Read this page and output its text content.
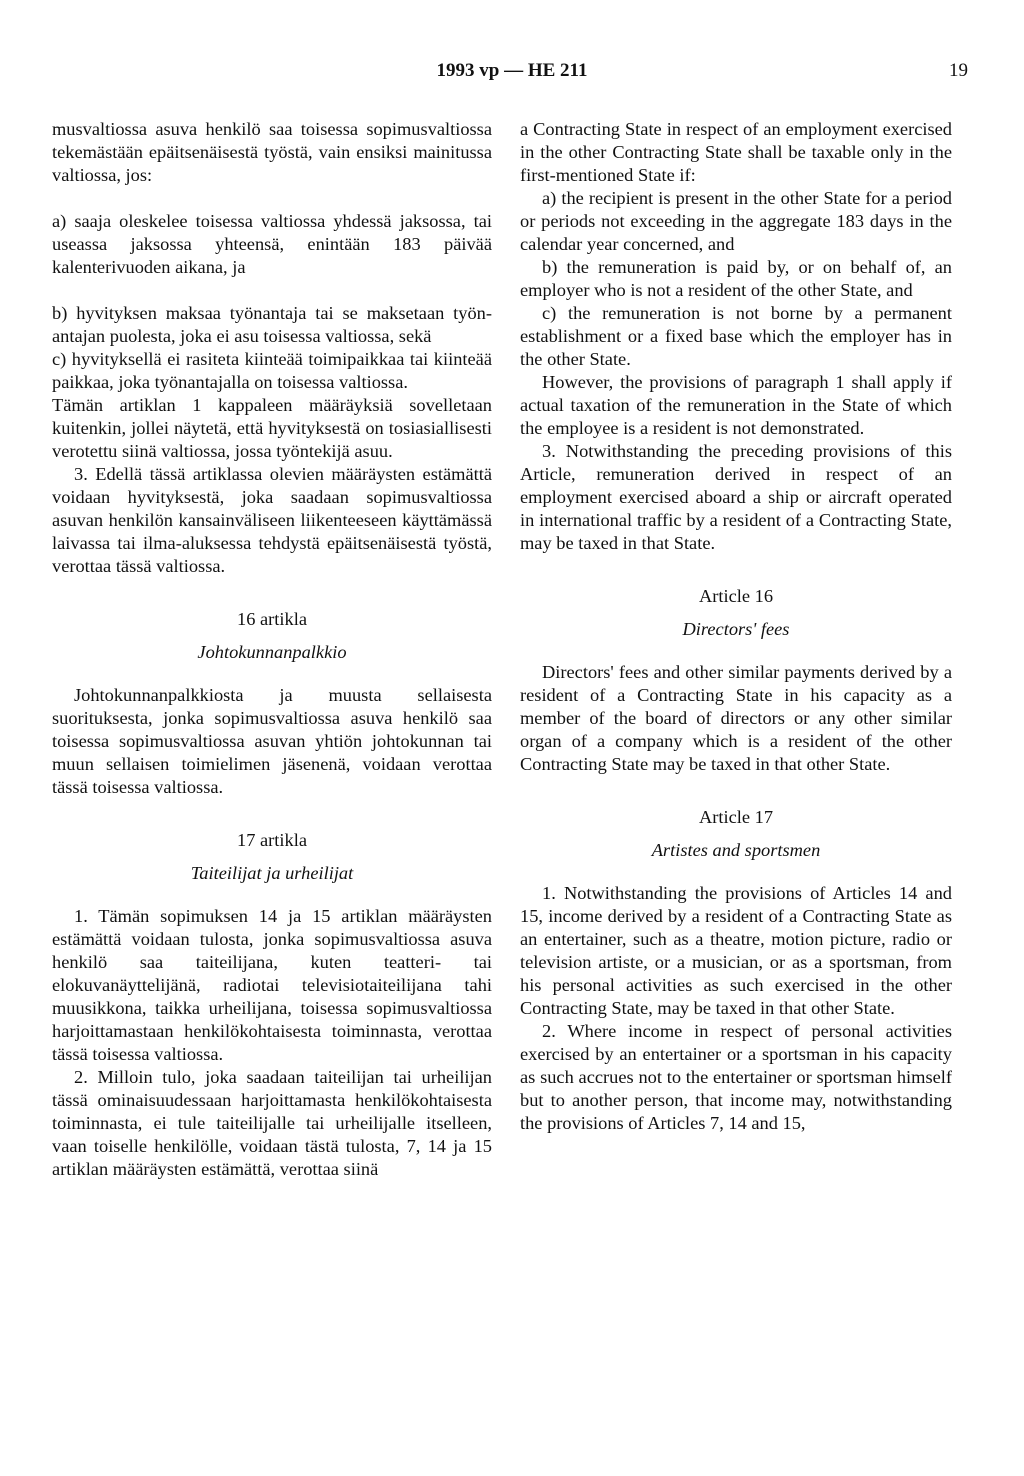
1993 vp — HE 211	19

musvaltiossa asuva henkilö saa toisessa sopimusvaltiossa tekemästään epäitsenäisestä työstä, vain ensiksi mainitussa valtiossa, jos:

a) saaja oleskelee toisessa valtiossa yhdessä jaksossa, tai useassa jaksossa yhteensä, enintään 183 päivää kalenterivuoden aikana, ja

b) hyvityksen maksaa työnantaja tai se maksetaan työn-antajan puolesta, joka ei asu toisessa valtiossa, sekä

c) hyvityksellä ei rasiteta kiinteää toimipaikkaa tai kiinteää paikkaa, joka työnantajalla on toisessa valtiossa.

Tämän artiklan 1 kappaleen määräyksiä sovelletaan kuitenkin, jollei näytetä, että hyvityksestä on tosiasiallisesti verotettu siinä valtiossa, jossa työntekijä asuu.

3. Edellä tässä artiklassa olevien määräysten estämättä voidaan hyvityksestä, joka saadaan sopimusvaltiossa asuvan henkilön kansainväliseen liikenteeseen käyttämässä laivassa tai ilma-aluksessa tehdystä epäitsenäisestä työstä, verottaa tässä valtiossa.

16 artikla

Johtokunnanpalkkio

Johtokunnanpalkkiosta ja muusta sellaisesta suorituksesta, jonka sopimusvaltiossa asuva henkilö saa toisessa sopimusvaltiossa asuvan yhtiön johtokunnan tai muun sellaisen toimielimen jäsenenä, voidaan verottaa tässä toisessa valtiossa.

17 artikla

Taiteilijat ja urheilijat

1. Tämän sopimuksen 14 ja 15 artiklan määräysten estämättä voidaan tulosta, jonka sopimusvaltiossa asuva henkilö saa taiteilijana, kuten teatteri- tai elokuvanäyttelijänä, radiotai televisiotaiteilijana tahi muusikkona, taikka urheilijana, toisessa sopimusvaltiossa harjoittamastaan henkilökohtaisesta toiminnasta, verottaa tässä toisessa valtiossa.

2. Milloin tulo, joka saadaan taiteilijan tai urheilijan tässä ominaisuudessaan harjoittamasta henkilökohtaisesta toiminnasta, ei tule taiteilijalle tai urheilijalle itselleen, vaan toiselle henkilölle, voidaan tästä tulosta, 7, 14 ja 15 artiklan määräysten estämättä, verottaa siinä

a Contracting State in respect of an employment exercised in the other Contracting State shall be taxable only in the first-mentioned State if:

a) the recipient is present in the other State for a period or periods not exceeding in the aggregate 183 days in the calendar year concerned, and

b) the remuneration is paid by, or on behalf of, an employer who is not a resident of the other State, and

c) the remuneration is not borne by a permanent establishment or a fixed base which the employer has in the other State.

However, the provisions of paragraph 1 shall apply if actual taxation of the remuneration in the State of which the employee is a resident is not demonstrated.

3. Notwithstanding the preceding provisions of this Article, remuneration derived in respect of an employment exercised aboard a ship or aircraft operated in international traffic by a resident of a Contracting State, may be taxed in that State.

Article 16

Directors' fees

Directors' fees and other similar payments derived by a resident of a Contracting State in his capacity as a member of the board of directors or any other similar organ of a company which is a resident of the other Contracting State may be taxed in that other State.

Article 17

Artistes and sportsmen

1. Notwithstanding the provisions of Articles 14 and 15, income derived by a resident of a Contracting State as an entertainer, such as a theatre, motion picture, radio or television artiste, or a musician, or as a sportsman, from his personal activities as such exercised in the other Contracting State, may be taxed in that other State.

2. Where income in respect of personal activities exercised by an entertainer or a sportsman in his capacity as such accrues not to the entertainer or sportsman himself but to another person, that income may, notwithstanding the provisions of Articles 7, 14 and 15,
